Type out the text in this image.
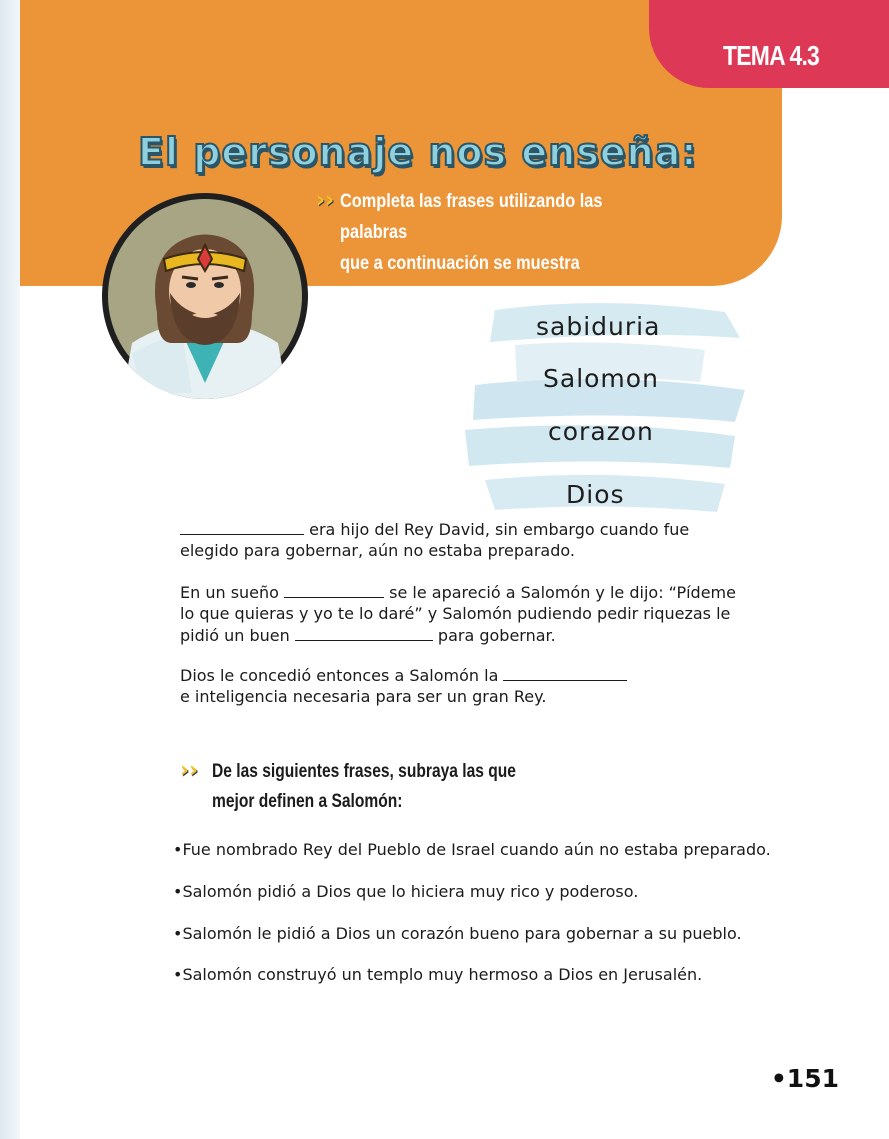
TEMA 4.3

El personaje nos enseña:
› › Completa las frases utilizando las palabras
que a continuación se muestra

sabiduria

Salomon

corazon

Dios

era hijo del Rey David, sin embargo cuando fue
elegido para gobernar, aún no estaba preparado.

En un sueño	se le apareció a Salomón y le dijo: “Pídeme
lo que quieras y yo te lo daré” y Salomón pudiendo pedir riquezas le
pidió un buen	para gobernar.

Dios le concedió entonces a Salomón la
e inteligencia necesaria para ser un gran Rey.

› › De las siguientes frases, subraya las que
mejor definen a Salomón:

•Fue nombrado Rey del Pueblo de Israel cuando aún no estaba preparado.

•Salomón pidió a Dios que lo hiciera muy rico y poderoso.

•Salomón le pidió a Dios un corazón bueno para gobernar a su pueblo.

•Salomón construyó un templo muy hermoso a Dios en Jerusalén.

•151
